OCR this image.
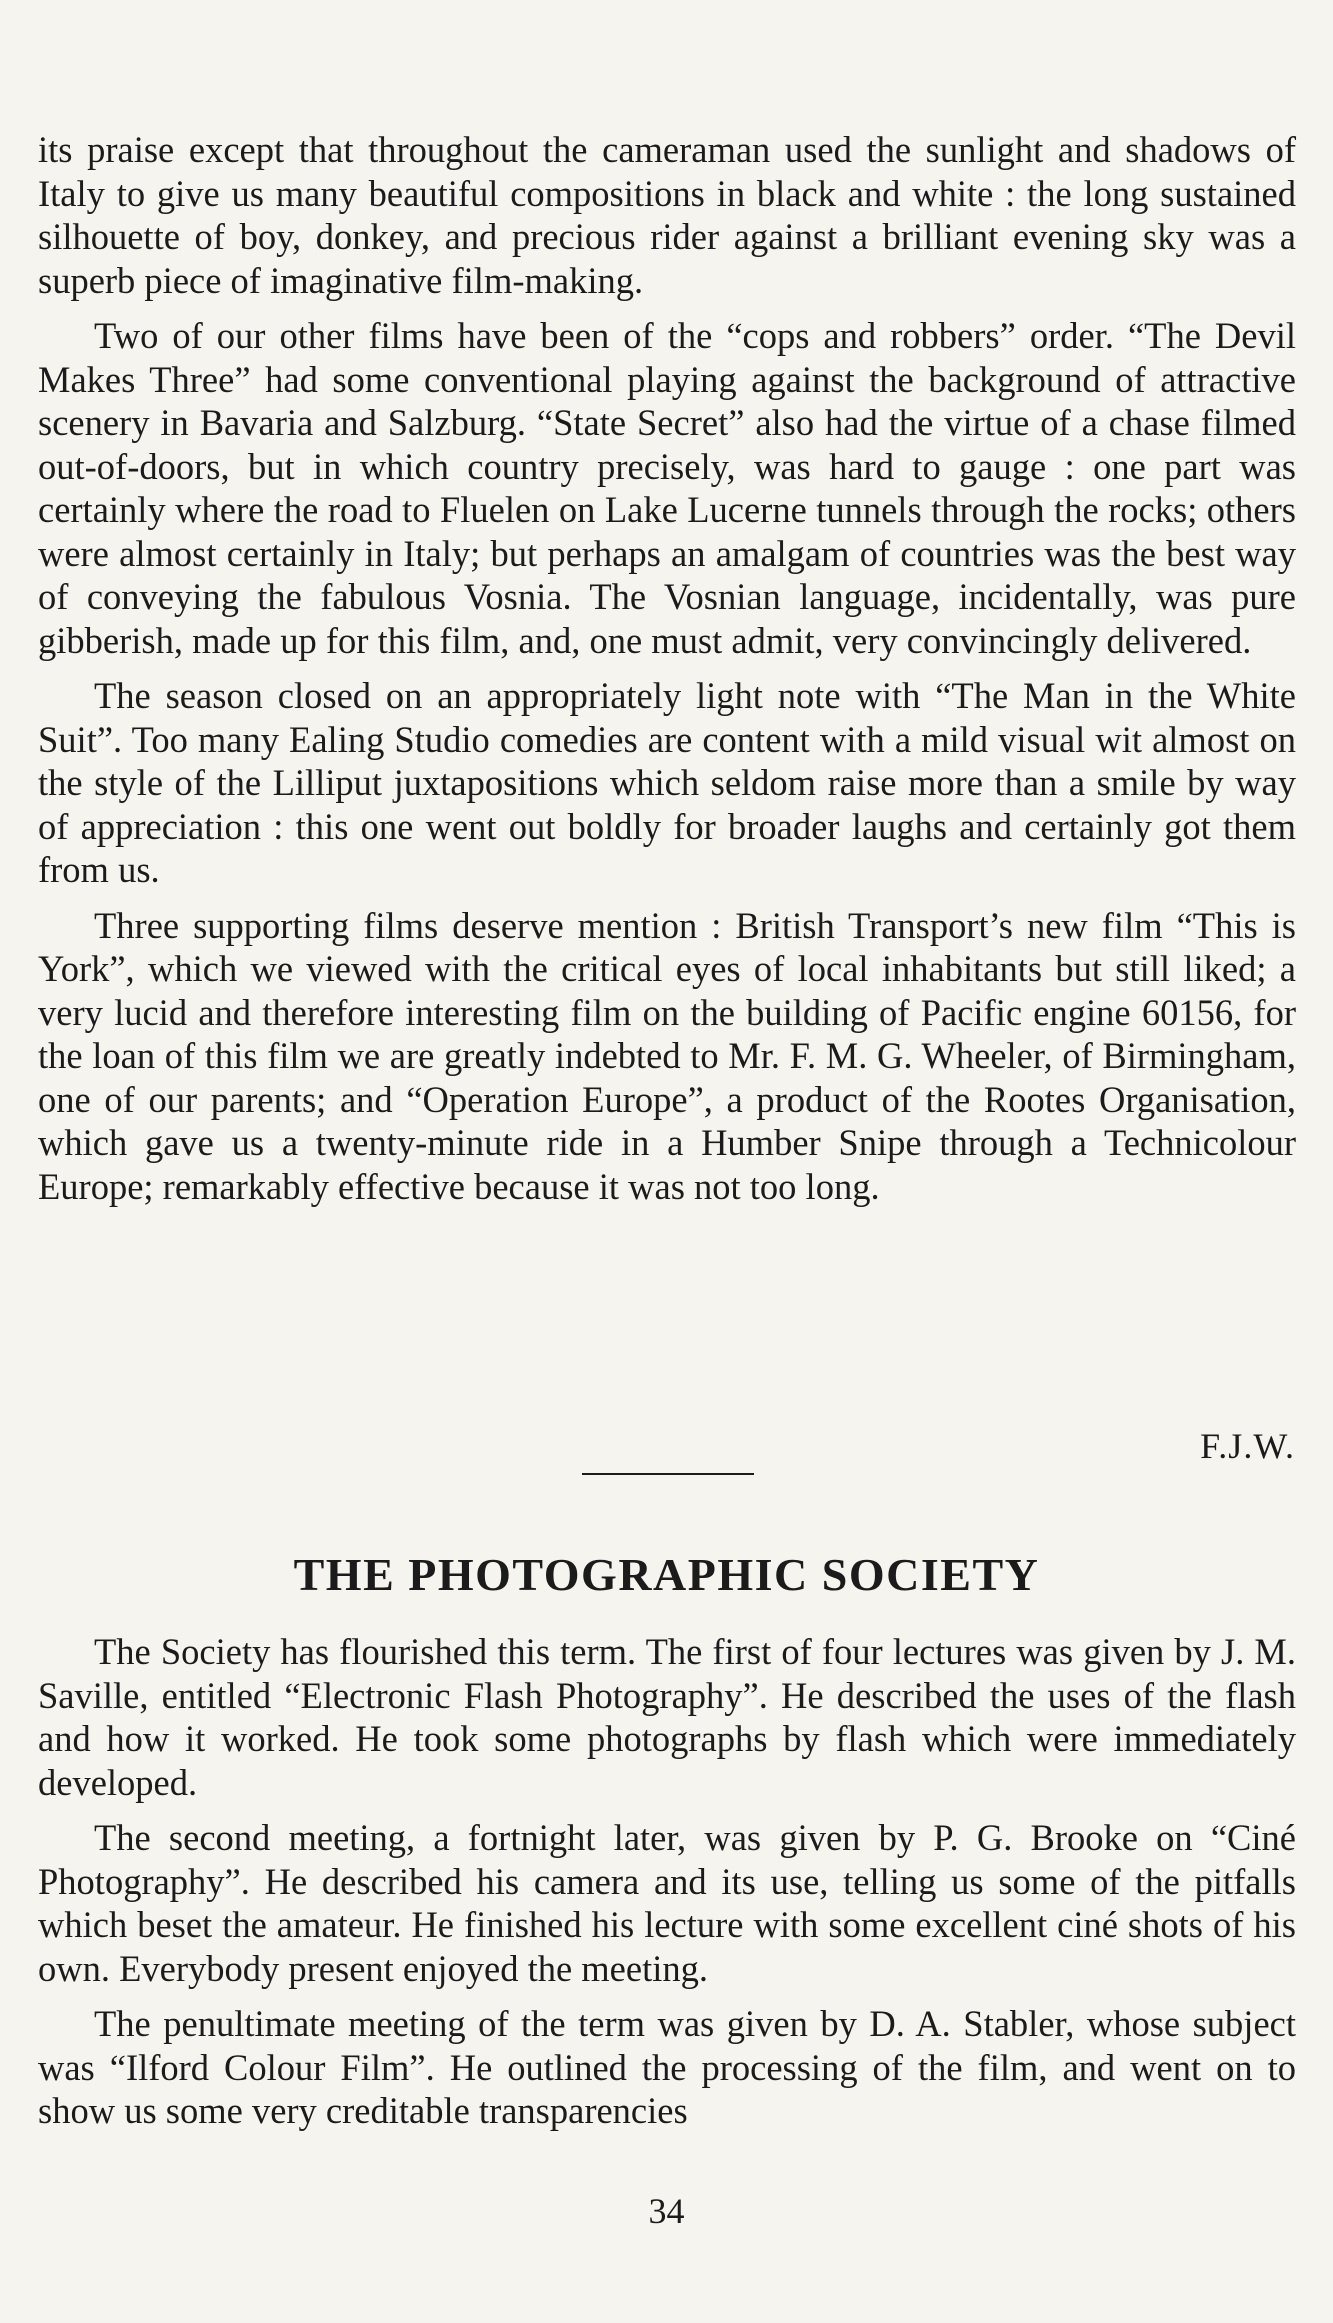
its praise except that throughout the cameraman used the sunlight and shadows of Italy to give us many beautiful compositions in black and white : the long sustained silhouette of boy, donkey, and precious rider against a brilliant evening sky was a superb piece of imaginative film-making.

Two of our other films have been of the “cops and robbers” order. “The Devil Makes Three” had some conventional playing against the background of attractive scenery in Bavaria and Salzburg. “State Secret” also had the virtue of a chase filmed out-of-doors, but in which country precisely, was hard to gauge : one part was certainly where the road to Fluelen on Lake Lucerne tunnels through the rocks; others were almost certainly in Italy; but perhaps an amalgam of countries was the best way of conveying the fabulous Vosnia. The Vosnian language, incidentally, was pure gibberish, made up for this film, and, one must admit, very convincingly delivered.

The season closed on an appropriately light note with “The Man in the White Suit”. Too many Ealing Studio comedies are content with a mild visual wit almost on the style of the Lilliput juxtapositions which seldom raise more than a smile by way of appreciation : this one went out boldly for broader laughs and certainly got them from us.

Three supporting films deserve mention : British Transport’s new film “This is York”, which we viewed with the critical eyes of local inhabitants but still liked; a very lucid and therefore interesting film on the building of Pacific engine 60156, for the loan of this film we are greatly indebted to Mr. F. M. G. Wheeler, of Birmingham, one of our parents; and “Operation Europe”, a product of the Rootes Organisation, which gave us a twenty-minute ride in a Humber Snipe through a Technicolour Europe; remarkably effective because it was not too long.

F.J.W.
THE PHOTOGRAPHIC SOCIETY

The Society has flourished this term. The first of four lectures was given by J. M. Saville, entitled “Electronic Flash Photography”. He described the uses of the flash and how it worked. He took some photographs by flash which were immediately developed.

The second meeting, a fortnight later, was given by P. G. Brooke on “Ciné Photography”. He described his camera and its use, telling us some of the pitfalls which beset the amateur. He finished his lecture with some excellent ciné shots of his own. Everybody present enjoyed the meeting.

The penultimate meeting of the term was given by D. A. Stabler, whose subject was “Ilford Colour Film”. He outlined the processing of the film, and went on to show us some very creditable transparencies

34
